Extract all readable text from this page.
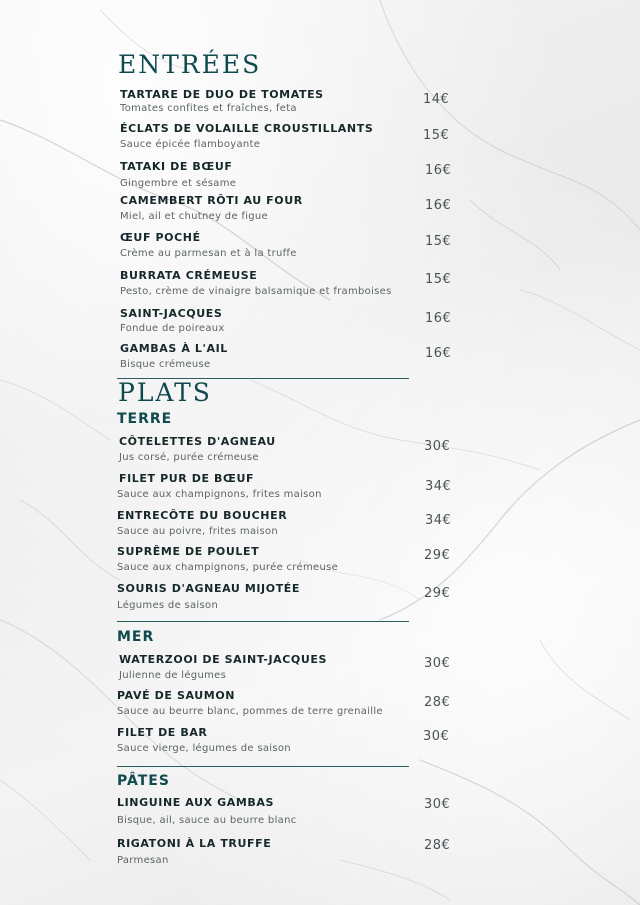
ENTRÉES
TARTARE DE DUO DE TOMATES
Tomates confites et fraîches, feta
14€
ÉCLATS DE VOLAILLE CROUSTILLANTS
Sauce épicée flamboyante
15€
TATAKI DE BŒUF
Gingembre et sésame
16€
CAMEMBERT RÔTI AU FOUR
Miel, ail et chutney de figue
16€
ŒUF POCHÉ
Crème au parmesan et à la truffe
15€
BURRATA CRÉMEUSE
Pesto, crème de vinaigre balsamique et framboises
15€
SAINT-JACQUES
Fondue de poireaux
16€
GAMBAS À L'AIL
Bisque crémeuse
16€
PLATS
TERRE
CÔTELETTES D'AGNEAU
Jus corsé, purée crémeuse
30€
FILET PUR DE BŒUF
Sauce aux champignons, frites maison
34€
ENTRECÔTE DU BOUCHER
Sauce au poivre, frites maison
34€
SUPRÊME DE POULET
Sauce aux champignons, purée crémeuse
29€
SOURIS D'AGNEAU MIJOTÉE
Légumes de saison
29€
MER
WATERZOOI DE SAINT-JACQUES
Julienne de légumes
30€
PAVÉ DE SAUMON
Sauce au beurre blanc, pommes de terre grenaille
28€
FILET DE BAR
Sauce vierge, légumes de saison
30€
PÂTES
LINGUINE AUX GAMBAS
Bisque, ail, sauce au beurre blanc
30€
RIGATONI À LA TRUFFE
Parmesan
28€
